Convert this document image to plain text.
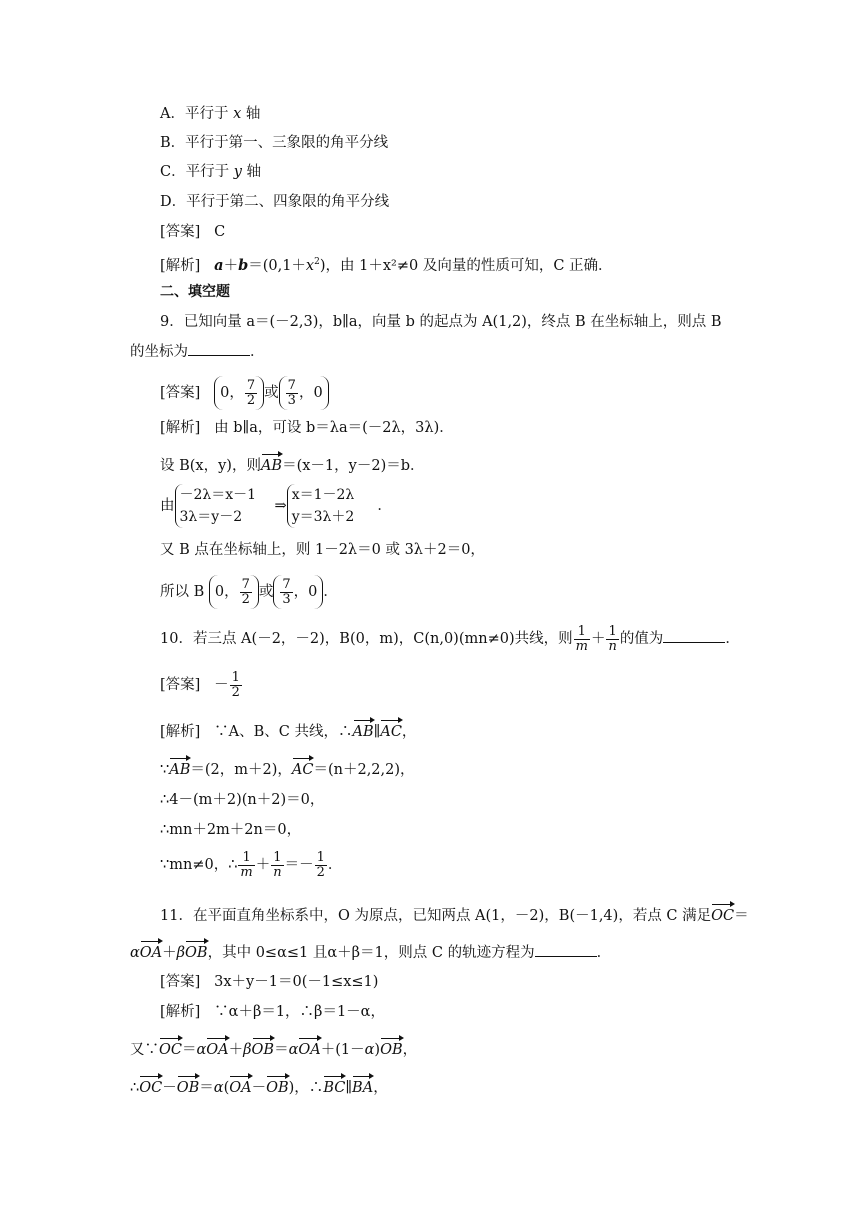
A．平行于 x 轴
B．平行于第一、三象限的角平分线
C．平行于 y 轴
D．平行于第二、四象限的角平分线
[答案] C
[解析] $a+b=(0,1+x^2)$，由 1＋x²≠0 及向量的性质可知，C 正确．
二、填空题
9．已知向量 a＝(－2,3)，b∥a，向量 b 的起点为 A(1,2)，终点 B 在坐标轴上，则点 B
的坐标为	．
[答案] 0， $\frac{7}{2}$ 或 $\frac{7}{3}$ ，0
[解析] 由 b∥a，可设 b＝λa＝(－2λ，3λ)．
设 B(x，y)，则AB＝(x－1，y－2)＝b．
由－2λ＝x－1
3λ＝y－2    ⇒x＝1－2λ
y＝3λ＋2     ．
又 B 点在坐标轴上，则 1－2λ＝0 或 3λ＋2＝0，
所以 B 0， $\frac{7}{2}$ 或 $\frac{7}{3}$ ，0 ．
10．若三点 A(－2，－2)，B(0，m)，C(n,0)(mn≠0)共线，则 $\frac{1}{m} + \frac{1}{n}$ 的值为	．
[答案]   － $\frac{1}{2}$
[解析] ∵A、B、C 共线，∴AB∥AC，
∵AB＝(2，m＋2)，AC＝(n＋2,2,2)，
∴4－(m＋2)(n＋2)＝0，
∴mn＋2m＋2n＝0，
∵mn≠0，∴ $\frac{1}{m} + \frac{1}{n} =- \frac{1}{2}$ ．
11．在平面直角坐标系中，O 为原点，已知两点 A(1，－2)，B(－1,4)，若点 C 满足OC＝
αOA＋βOB，其中 0≤α≤1 且α＋β＝1，则点 C 的轨迹方程为	．
[答案] 3x＋y－1＝0(－1≤x≤1)
[解析] ∵α＋β＝1，∴β＝1－α，
又∵OC＝αOA＋βOB＝αOA＋(1－α)OB，
∴OC－OB＝α(OA－OB)，∴BC∥BA，
